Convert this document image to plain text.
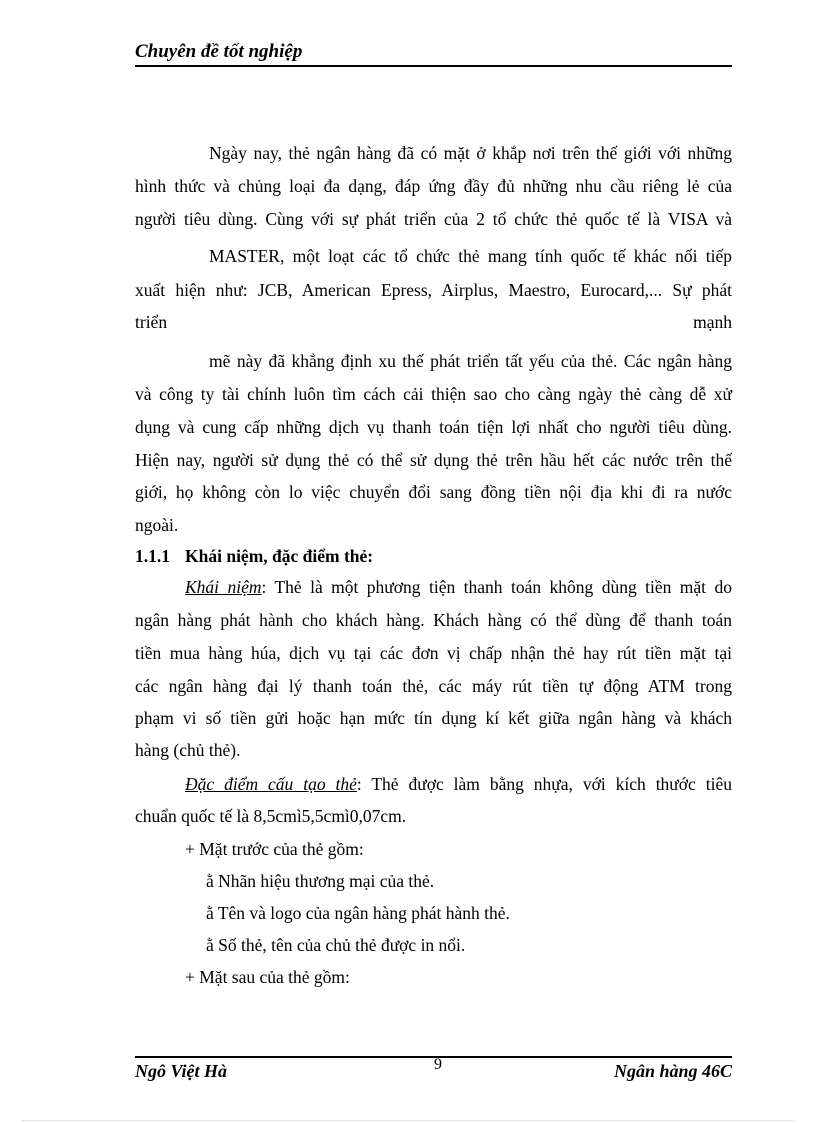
Chuyên đề tốt nghiệp
Ngày nay, thẻ ngân hàng đã có mặt ở khắp nơi trên thế giới với những
hình thức và chủng loại đa dạng, đáp ứng đầy đủ những nhu cầu riêng lẻ của
người tiêu dùng. Cùng với sự phát triển của 2 tổ chức thẻ quốc tế là VISA và
MASTER, một loạt các tổ chức thẻ mang tính quốc tế khác nối tiếp
xuất hiện như: JCB, American Epress, Airplus, Maestro, Eurocard,... Sự phát
triển	mạnh
mẽ này đã khẳng định xu thế phát triển tất yếu của thẻ. Các ngân hàng
và công ty tài chính luôn tìm cách cải thiện sao cho càng ngày thẻ càng dễ xử
dụng và cung cấp những dịch vụ thanh toán tiện lợi nhất cho người tiêu dùng.
Hiện nay, người sử dụng thẻ có thể sử dụng thẻ trên hầu hết các nước trên thế
giới, họ không còn lo việc chuyển đổi sang đồng tiền nội địa khi đi ra nước
ngoài.
1.1.1 Khái niệm, đặc điểm thẻ:
Khái niệm: Thẻ là một phương tiện thanh toán không dùng tiền mặt do
ngân hàng phát hành cho khách hàng. Khách hàng có thể dùng để thanh toán
tiền mua hàng húa, dịch vụ tại các đơn vị chấp nhận thẻ hay rút tiền mặt tại
các ngân hàng đại lý thanh toán thẻ, các máy rút tiền tự động ATM trong
phạm vi số tiền gửi hoặc hạn mức tín dụng kí kết giữa ngân hàng và khách
hàng (chủ thẻ).
Đặc điểm cấu tạo thẻ: Thẻ được làm bằng nhựa, với kích thước tiêu
chuẩn quốc tế là 8,5cmì5,5cmì0,07cm.
+ Mặt trước của thẻ gồm:
ằ Nhãn hiệu thương mại của thẻ.
ằ Tên và logo của ngân hàng phát hành thẻ.
ằ Số thẻ, tên của chủ thẻ được in nổi.
+ Mặt sau của thẻ gồm:
Ngô Việt Hà	9	Ngân hàng 46C
